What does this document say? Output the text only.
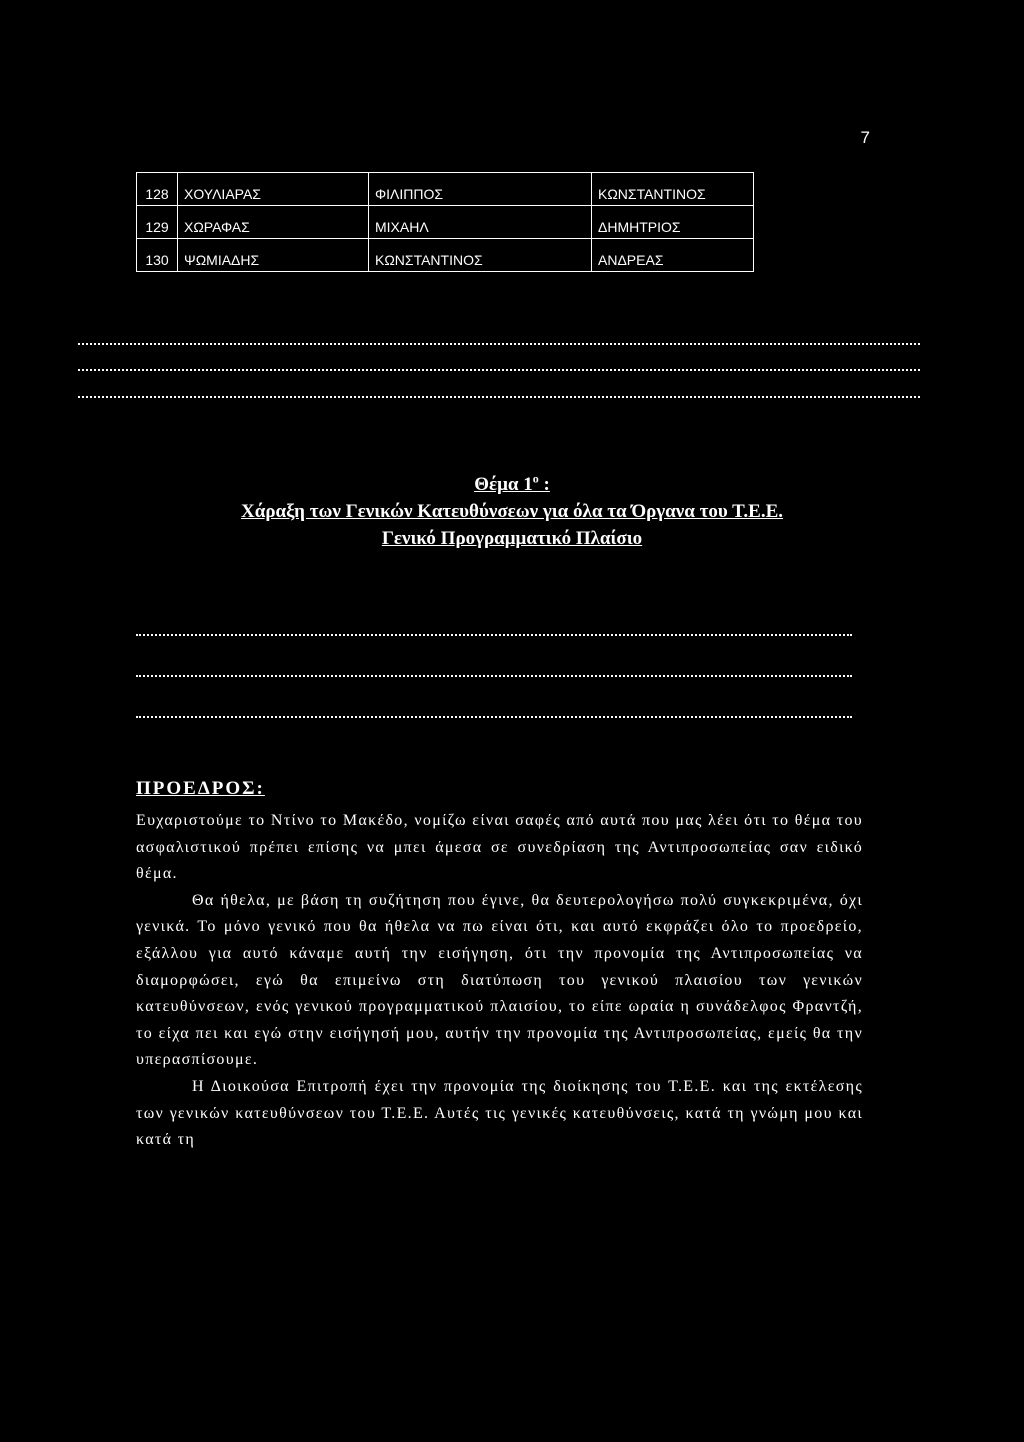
7
128	ΧΟΥΛΙΑΡΑΣ	ΦΙΛΙΠΠΟΣ	ΚΩΝΣΤΑΝΤΙΝΟΣ
129	ΧΩΡΑΦΑΣ	ΜΙΧΑΗΛ	ΔΗΜΗΤΡΙΟΣ
130	ΨΩΜΙΑΔΗΣ	ΚΩΝΣΤΑΝΤΙΝΟΣ	ΑΝΔΡΕΑΣ
Θέμα $1^o$ :
Χάραξη των Γενικών Κατευθύνσεων για όλα τα Όργανα του Τ.Ε.Ε.
Γενικό Προγραμματικό Πλαίσιο
ΠΡΟΕΔΡΟΣ:

Ευχαριστούμε το Ντίνο το Μακέδο, νομίζω είναι σαφές από αυτά που μας λέει ότι το θέμα του ασφαλιστικού πρέπει επίσης να μπει άμεσα σε συνεδρίαση της Αντιπροσωπείας σαν ειδικό θέμα.

Θα ήθελα, με βάση τη συζήτηση που έγινε, θα δευτερολογήσω πολύ συγκεκριμένα, όχι γενικά. Το μόνο γενικό που θα ήθελα να πω είναι ότι, και αυτό εκφράζει όλο το προεδρείο, εξάλλου για αυτό κάναμε αυτή την εισήγηση, ότι την προνομία της Αντιπροσωπείας να διαμορφώσει, εγώ θα επιμείνω στη διατύπωση του γενικού πλαισίου των γενικών κατευθύνσεων, ενός γενικού προγραμματικού πλαισίου, το είπε ωραία η συνάδελφος Φραντζή, το είχα πει και εγώ στην εισήγησή μου, αυτήν την προνομία της Αντιπροσωπείας, εμείς θα την υπερασπίσουμε.

Η Διοικούσα Επιτροπή έχει την προνομία της διοίκησης του Τ.Ε.Ε. και της εκτέλεσης των γενικών κατευθύνσεων του Τ.Ε.Ε. Αυτές τις γενικές κατευθύνσεις, κατά τη γνώμη μου και κατά τη
